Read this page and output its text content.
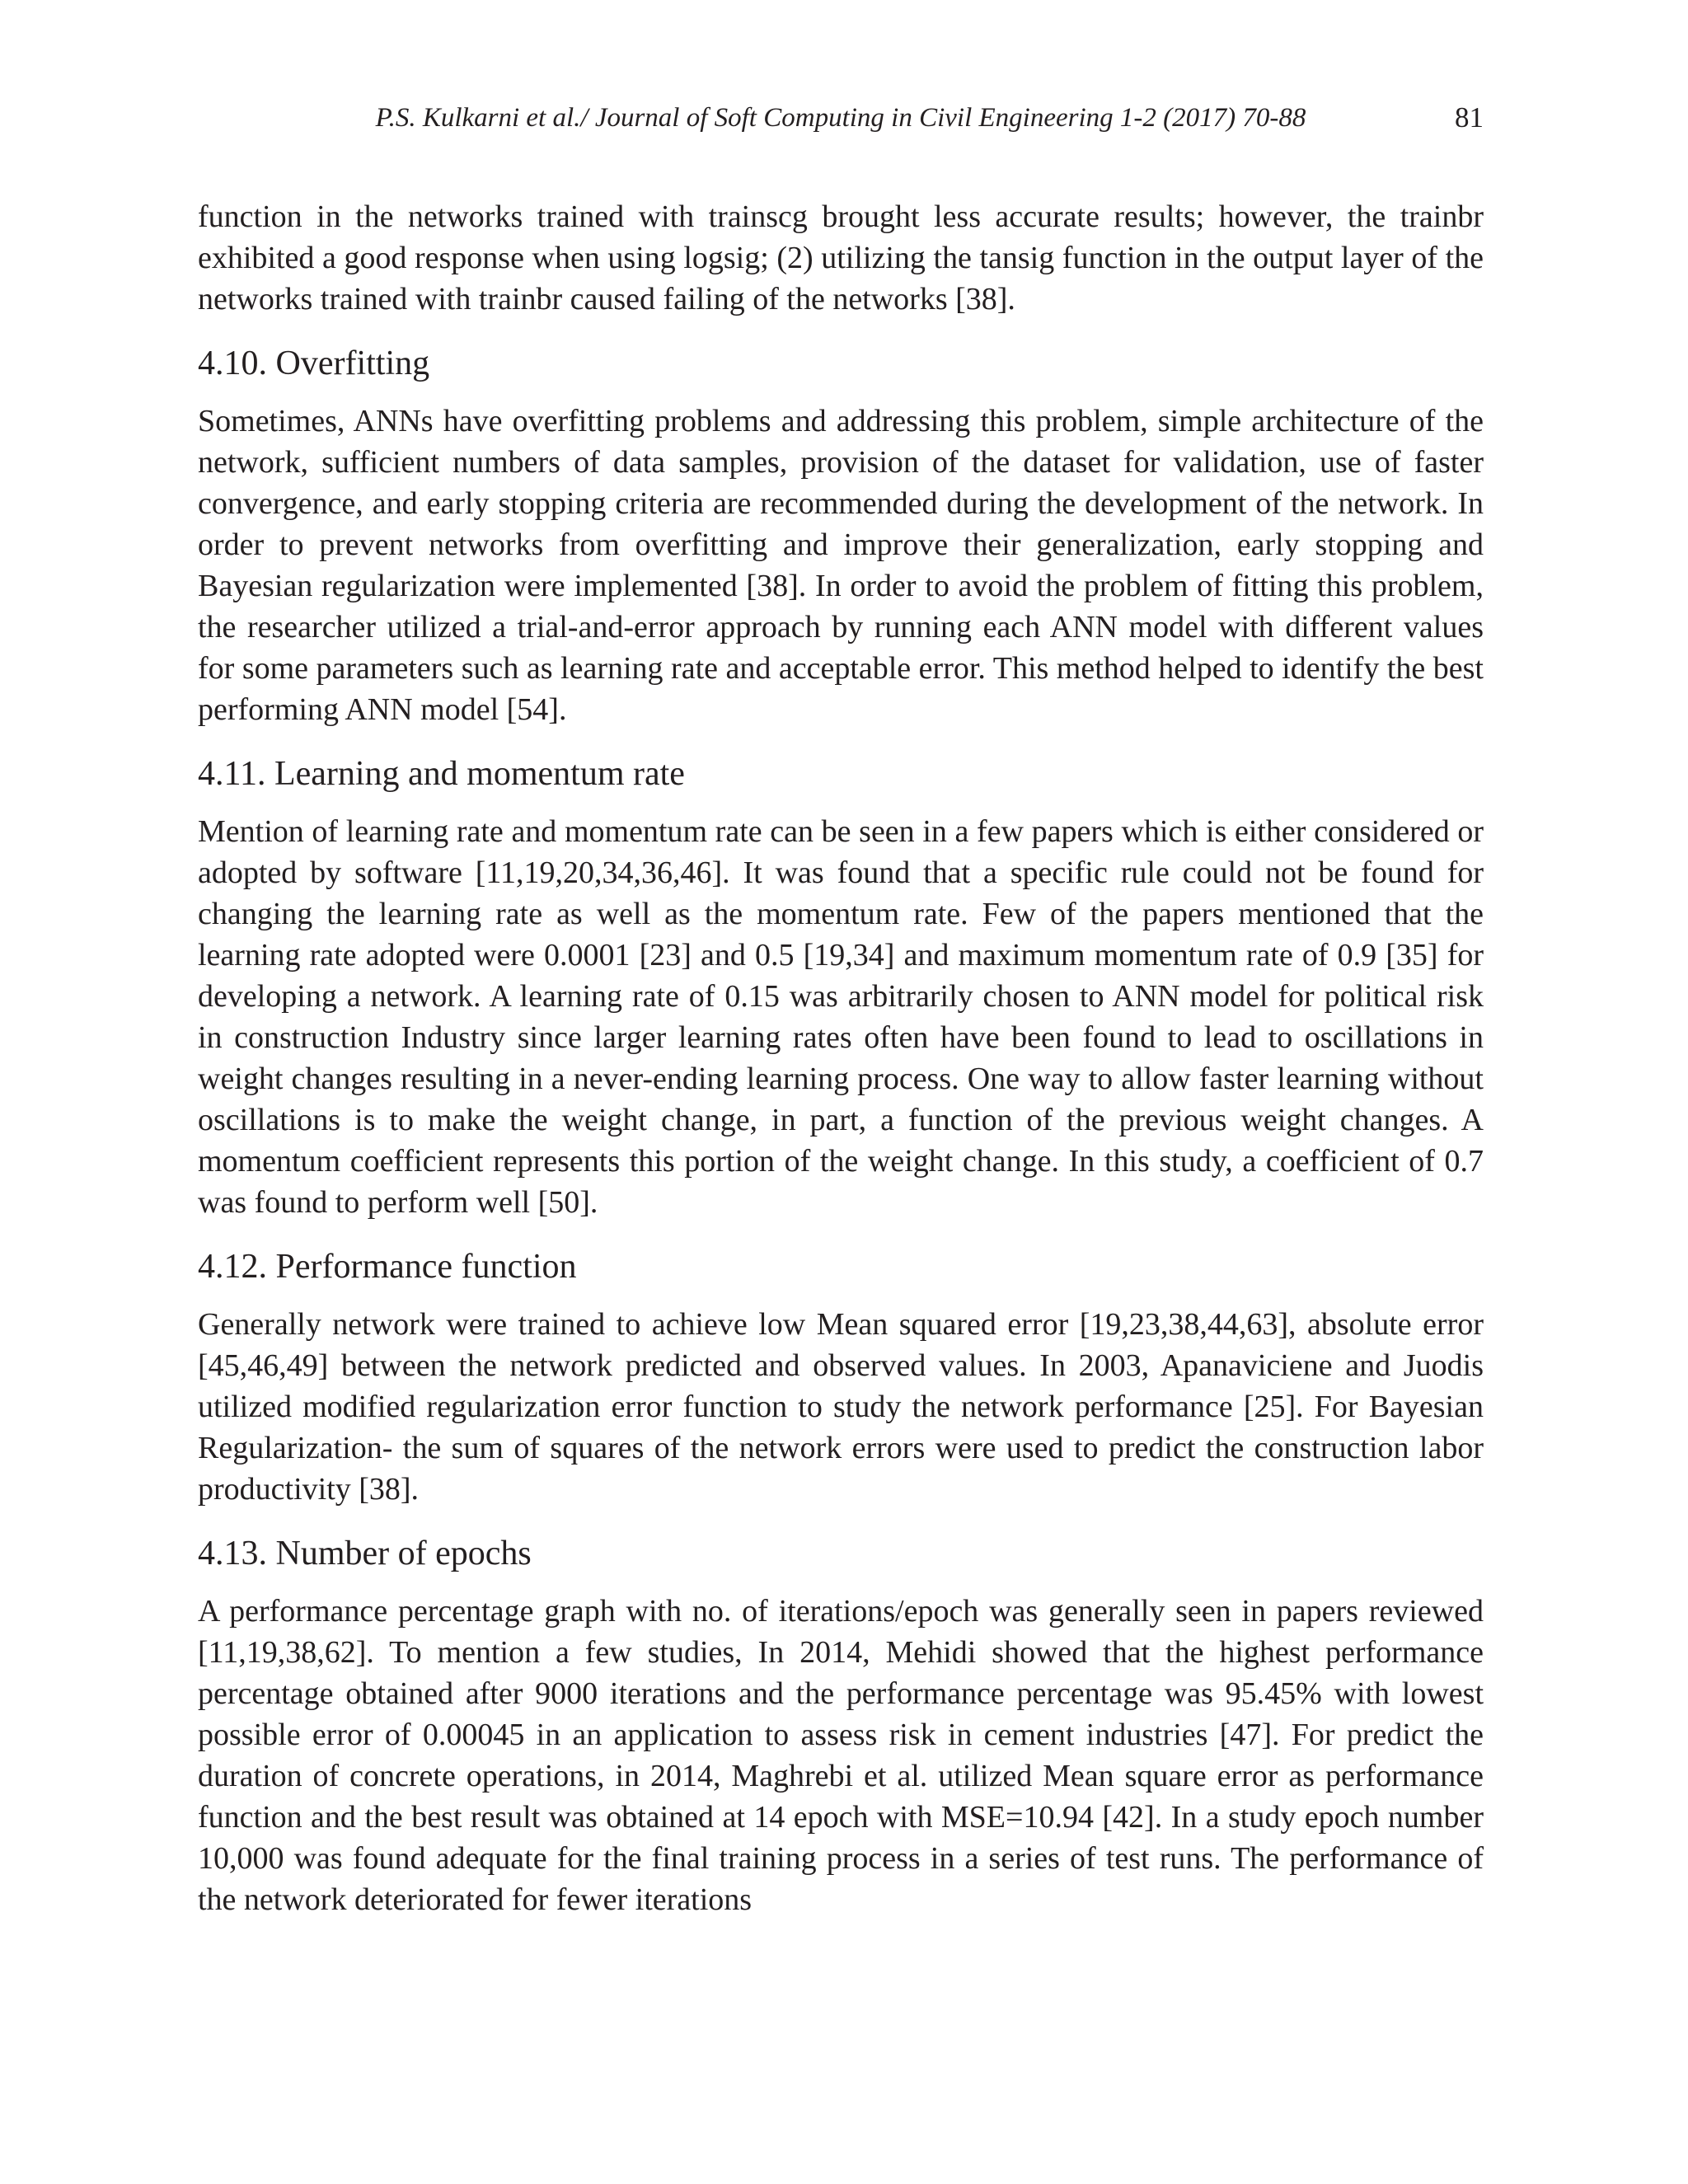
P.S. Kulkarni et al./ Journal of Soft Computing in Civil Engineering 1-2 (2017) 70-88	81

function in the networks trained with trainscg brought less accurate results; however, the trainbr exhibited a good response when using logsig; (2) utilizing the tansig function in the output layer of the networks trained with trainbr caused failing of the networks [38].

4.10. Overfitting

Sometimes, ANNs have overfitting problems and addressing this problem, simple architecture of the network, sufficient numbers of data samples, provision of the dataset for validation, use of faster convergence, and early stopping criteria are recommended during the development of the network. In order to prevent networks from overfitting and improve their generalization, early stopping and Bayesian regularization were implemented [38]. In order to avoid the problem of fitting this problem, the researcher utilized a trial-and-error approach by running each ANN model with different values for some parameters such as learning rate and acceptable error. This method helped to identify the best performing ANN model [54].

4.11. Learning and momentum rate

Mention of learning rate and momentum rate can be seen in a few papers which is either considered or adopted by software [11,19,20,34,36,46]. It was found that a specific rule could not be found for changing the learning rate as well as the momentum rate. Few of the papers mentioned that the learning rate adopted were 0.0001 [23] and 0.5 [19,34] and maximum momentum rate of 0.9 [35] for developing a network. A learning rate of 0.15 was arbitrarily chosen to ANN model for political risk in construction Industry since larger learning rates often have been found to lead to oscillations in weight changes resulting in a never-ending learning process. One way to allow faster learning without oscillations is to make the weight change, in part, a function of the previous weight changes. A momentum coefficient represents this portion of the weight change. In this study, a coefficient of 0.7 was found to perform well [50].

4.12. Performance function

Generally network were trained to achieve low Mean squared error [19,23,38,44,63], absolute error [45,46,49] between the network predicted and observed values. In 2003, Apanaviciene and Juodis utilized modified regularization error function to study the network performance [25]. For Bayesian Regularization- the sum of squares of the network errors were used to predict the construction labor productivity [38].

4.13. Number of epochs

A performance percentage graph with no. of iterations/epoch was generally seen in papers reviewed [11,19,38,62]. To mention a few studies, In 2014, Mehidi showed that the highest performance percentage obtained after 9000 iterations and the performance percentage was 95.45% with lowest possible error of 0.00045 in an application to assess risk in cement industries [47]. For predict the duration of concrete operations, in 2014, Maghrebi et al. utilized Mean square error as performance function and the best result was obtained at 14 epoch with MSE=10.94 [42]. In a study epoch number 10,000 was found adequate for the final training process in a series of test runs. The performance of the network deteriorated for fewer iterations
